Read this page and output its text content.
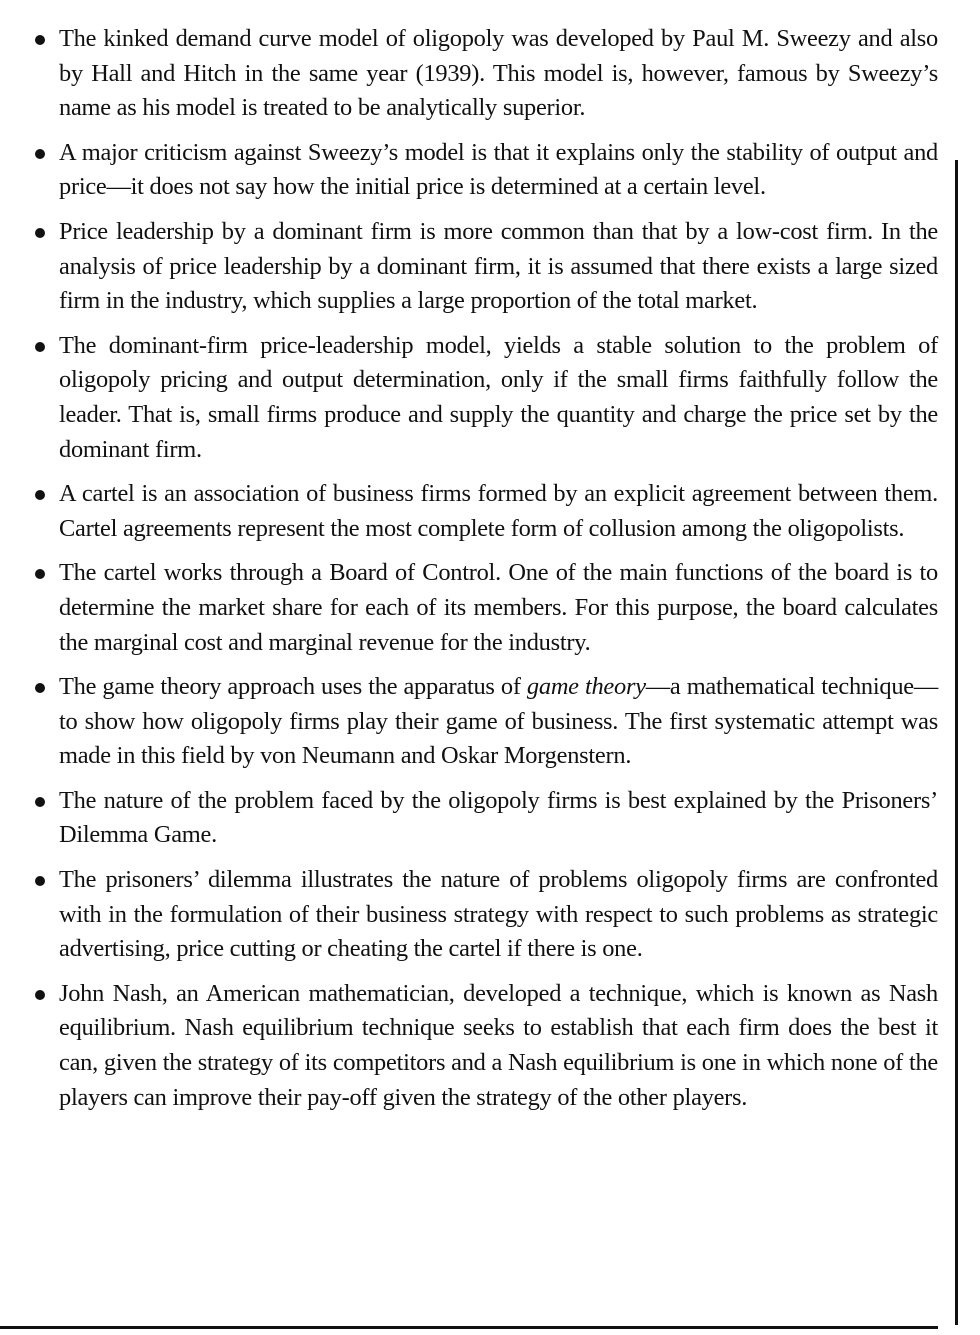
The kinked demand curve model of oligopoly was developed by Paul M. Sweezy and also by Hall and Hitch in the same year (1939). This model is, however, famous by Sweezy’s name as his model is treated to be analytically superior.
A major criticism against Sweezy’s model is that it explains only the stability of output and price—it does not say how the initial price is determined at a certain level.
Price leadership by a dominant firm is more common than that by a low-cost firm. In the analysis of price leadership by a dominant firm, it is assumed that there exists a large sized firm in the industry, which supplies a large proportion of the total market.
The dominant-firm price-leadership model, yields a stable solution to the problem of oligopoly pricing and output determination, only if the small firms faithfully follow the leader. That is, small firms produce and supply the quantity and charge the price set by the dominant firm.
A cartel is an association of business firms formed by an explicit agreement between them. Cartel agreements represent the most complete form of collusion among the oligopolists.
The cartel works through a Board of Control. One of the main functions of the board is to determine the market share for each of its members. For this purpose, the board calculates the marginal cost and marginal revenue for the industry.
The game theory approach uses the apparatus of game theory—a mathematical technique—to show how oligopoly firms play their game of business. The first systematic attempt was made in this field by von Neumann and Oskar Morgenstern.
The nature of the problem faced by the oligopoly firms is best explained by the Prisoners’ Dilemma Game.
The prisoners’ dilemma illustrates the nature of problems oligopoly firms are confronted with in the formulation of their business strategy with respect to such problems as strategic advertising, price cutting or cheating the cartel if there is one.
John Nash, an American mathematician, developed a technique, which is known as Nash equilibrium. Nash equilibrium technique seeks to establish that each firm does the best it can, given the strategy of its competitors and a Nash equilibrium is one in which none of the players can improve their pay-off given the strategy of the other players.
